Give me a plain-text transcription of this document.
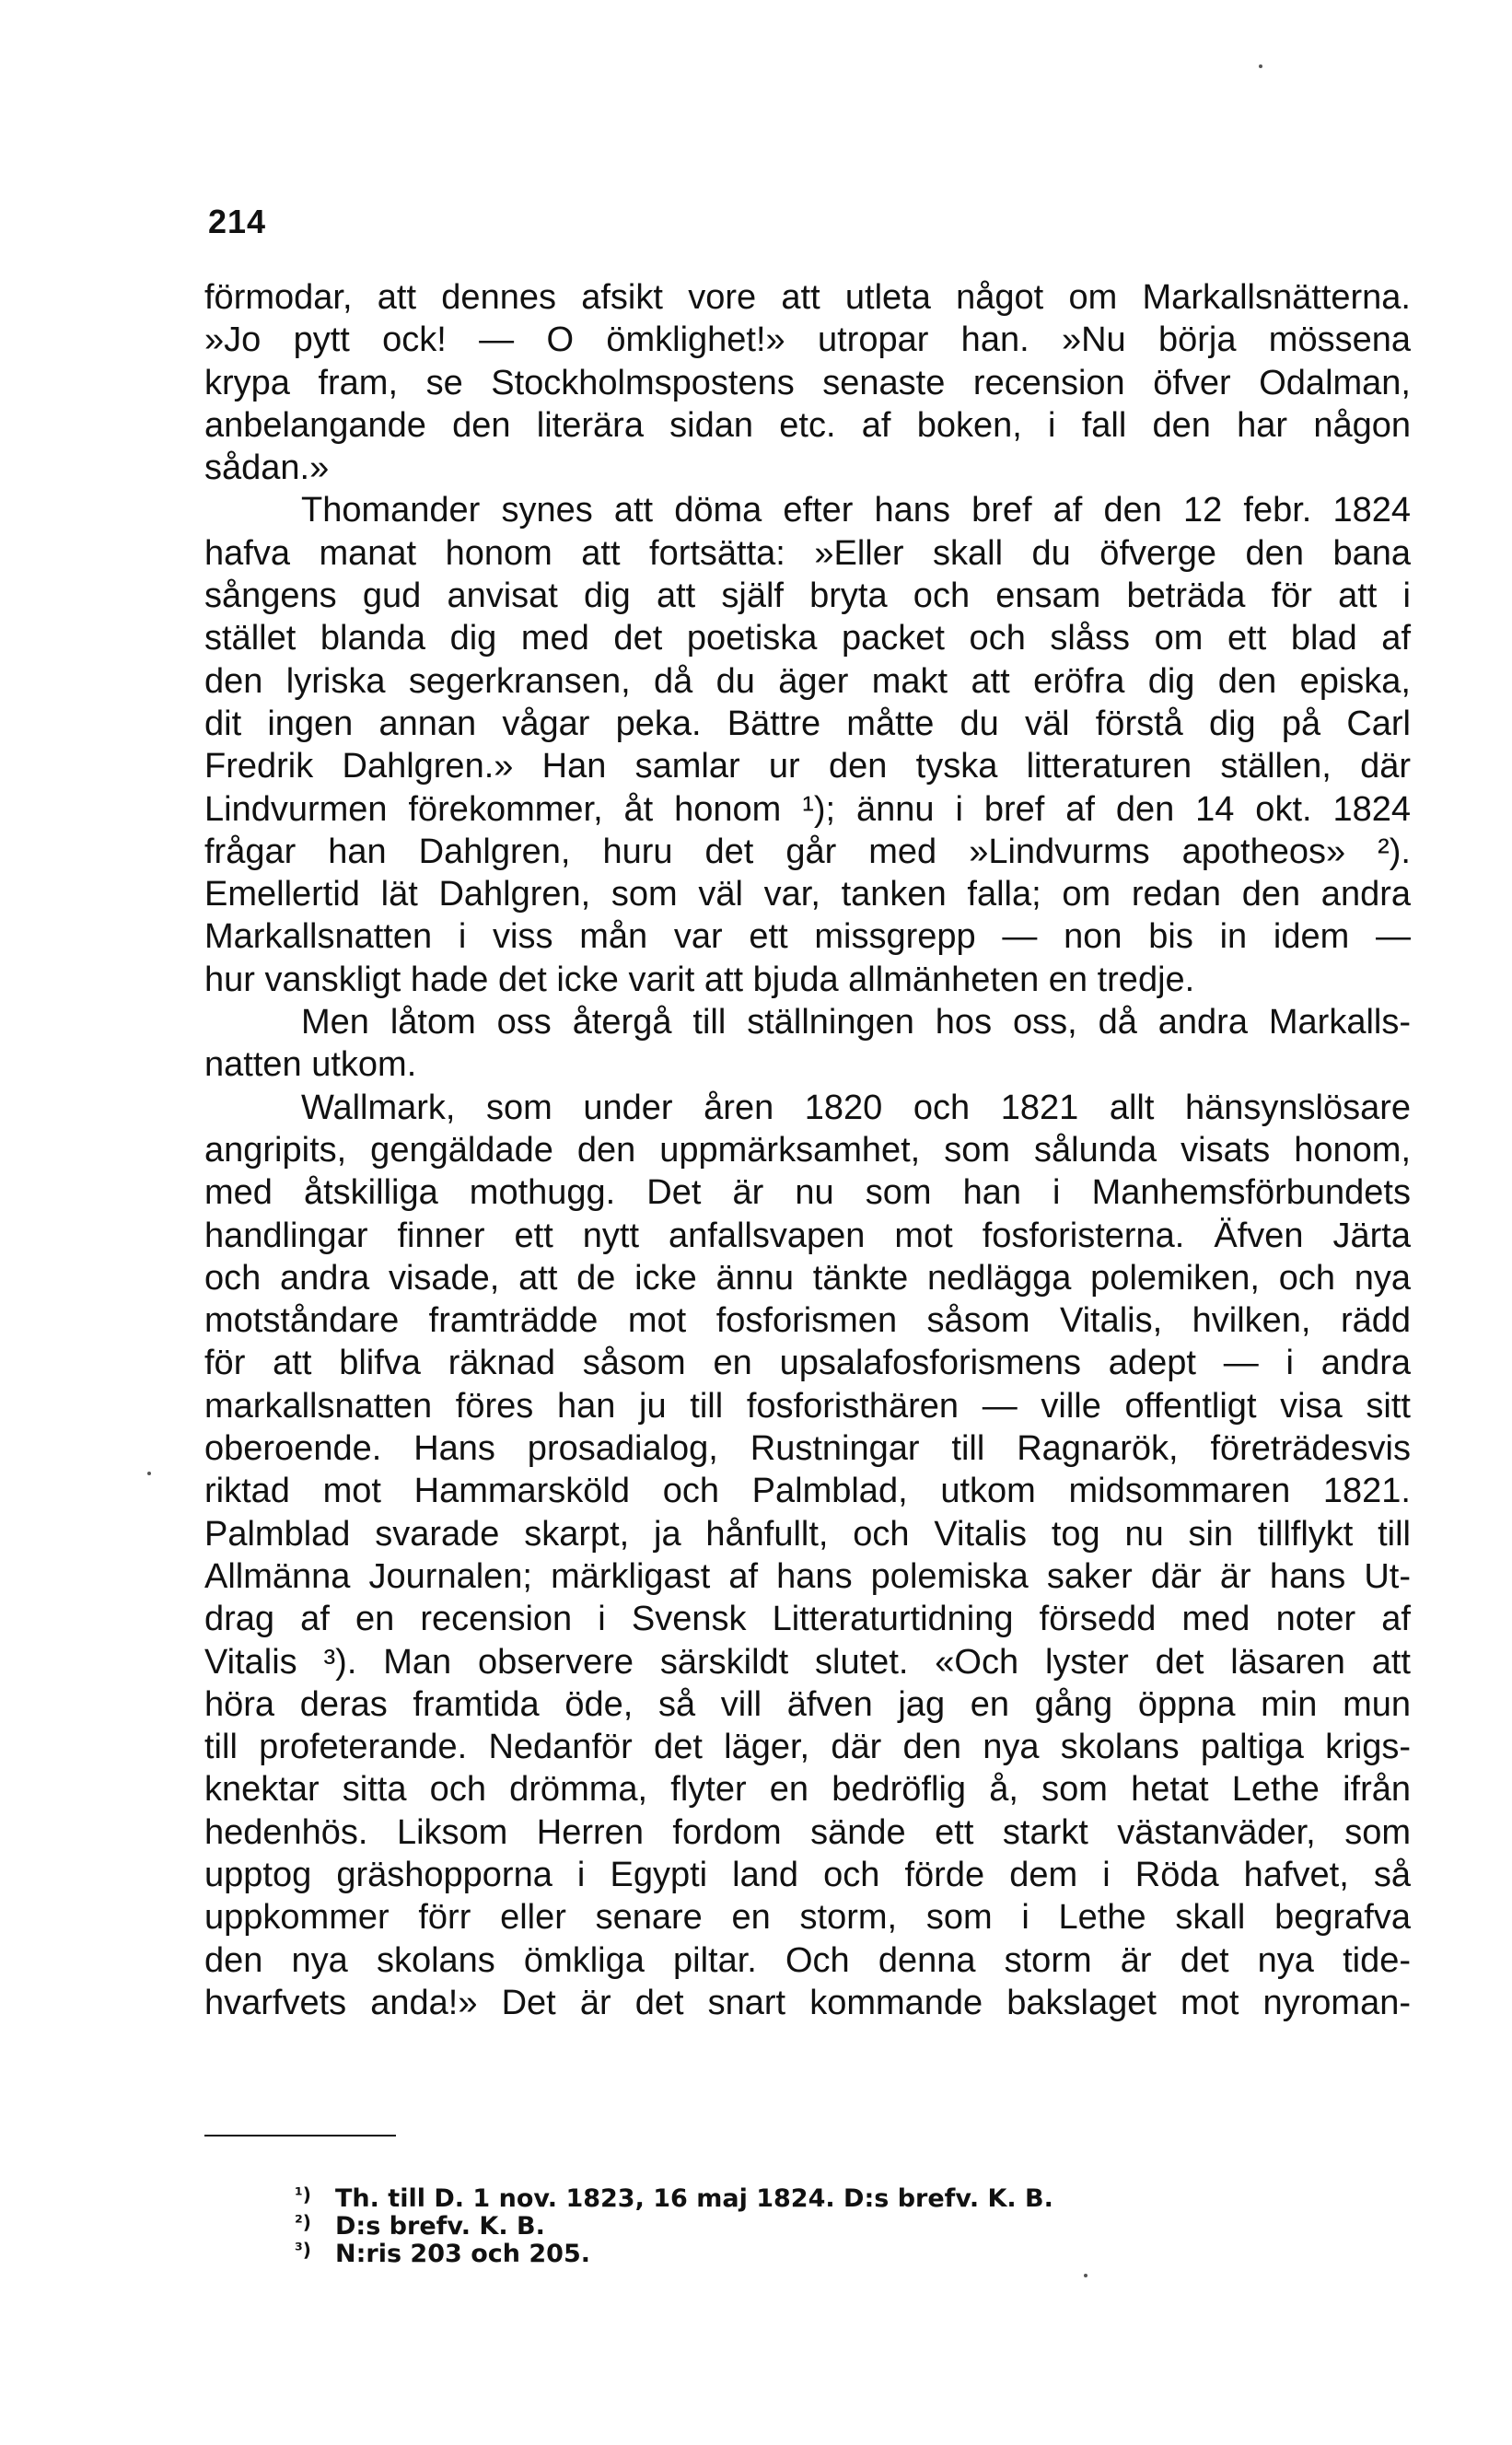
214
förmodar, att dennes afsikt vore att utleta något om Markallsnätterna.
»Jo pytt ock! — O ömklighet!» utropar han. »Nu börja mössena
krypa fram, se Stockholmspostens senaste recension öfver Odalman,
anbelangande den literära sidan etc. af boken, i fall den har någon
sådan.»
Thomander synes att döma efter hans bref af den 12 febr. 1824
hafva manat honom att fortsätta: »Eller skall du öfverge den bana
sångens gud anvisat dig att själf bryta och ensam beträda för att i
stället blanda dig med det poetiska packet och slåss om ett blad af
den lyriska segerkransen, då du äger makt att eröfra dig den episka,
dit ingen annan vågar peka. Bättre måtte du väl förstå dig på Carl
Fredrik Dahlgren.» Han samlar ur den tyska litteraturen ställen, där
Lindvurmen förekommer, åt honom ¹); ännu i bref af den 14 okt. 1824
frågar han Dahlgren, huru det går med »Lindvurms apotheos» ²).
Emellertid lät Dahlgren, som väl var, tanken falla; om redan den andra
Markallsnatten i viss mån var ett missgrepp — non bis in idem —
hur vanskligt hade det icke varit att bjuda allmänheten en tredje.
Men låtom oss återgå till ställningen hos oss, då andra Markalls-
natten utkom.
Wallmark, som under åren 1820 och 1821 allt hänsynslösare
angripits, gengäldade den uppmärksamhet, som sålunda visats honom,
med åtskilliga mothugg. Det är nu som han i Manhemsförbundets
handlingar finner ett nytt anfallsvapen mot fosforisterna. Äfven Järta
och andra visade, att de icke ännu tänkte nedlägga polemiken, och nya
motståndare framträdde mot fosforismen såsom Vitalis, hvilken, rädd
för att blifva räknad såsom en upsalafosforismens adept — i andra
markallsnatten föres han ju till fosforisthären — ville offentligt visa sitt
oberoende. Hans prosadialog, Rustningar till Ragnarök, företrädesvis
riktad mot Hammarsköld och Palmblad, utkom midsommaren 1821.
Palmblad svarade skarpt, ja hånfullt, och Vitalis tog nu sin tillflykt till
Allmänna Journalen; märkligast af hans polemiska saker där är hans Ut-
drag af en recension i Svensk Litteraturtidning försedd med noter af
Vitalis ³). Man observere särskildt slutet. «Och lyster det läsaren att
höra deras framtida öde, så vill äfven jag en gång öppna min mun
till profeterande. Nedanför det läger, där den nya skolans paltiga krigs-
knektar sitta och drömma, flyter en bedröflig å, som hetat Lethe ifrån
hedenhös. Liksom Herren fordom sände ett starkt västanväder, som
upptog gräshopporna i Egypti land och förde dem i Röda hafvet, så
uppkommer förr eller senare en storm, som i Lethe skall begrafva
den nya skolans ömkliga piltar. Och denna storm är det nya tide-
hvarfvets anda!» Det är det snart kommande bakslaget mot nyroman-
¹) Th. till D. 1 nov. 1823, 16 maj 1824. D:s brefv. K. B.
²) D:s brefv. K. B.
³) N:ris 203 och 205.
